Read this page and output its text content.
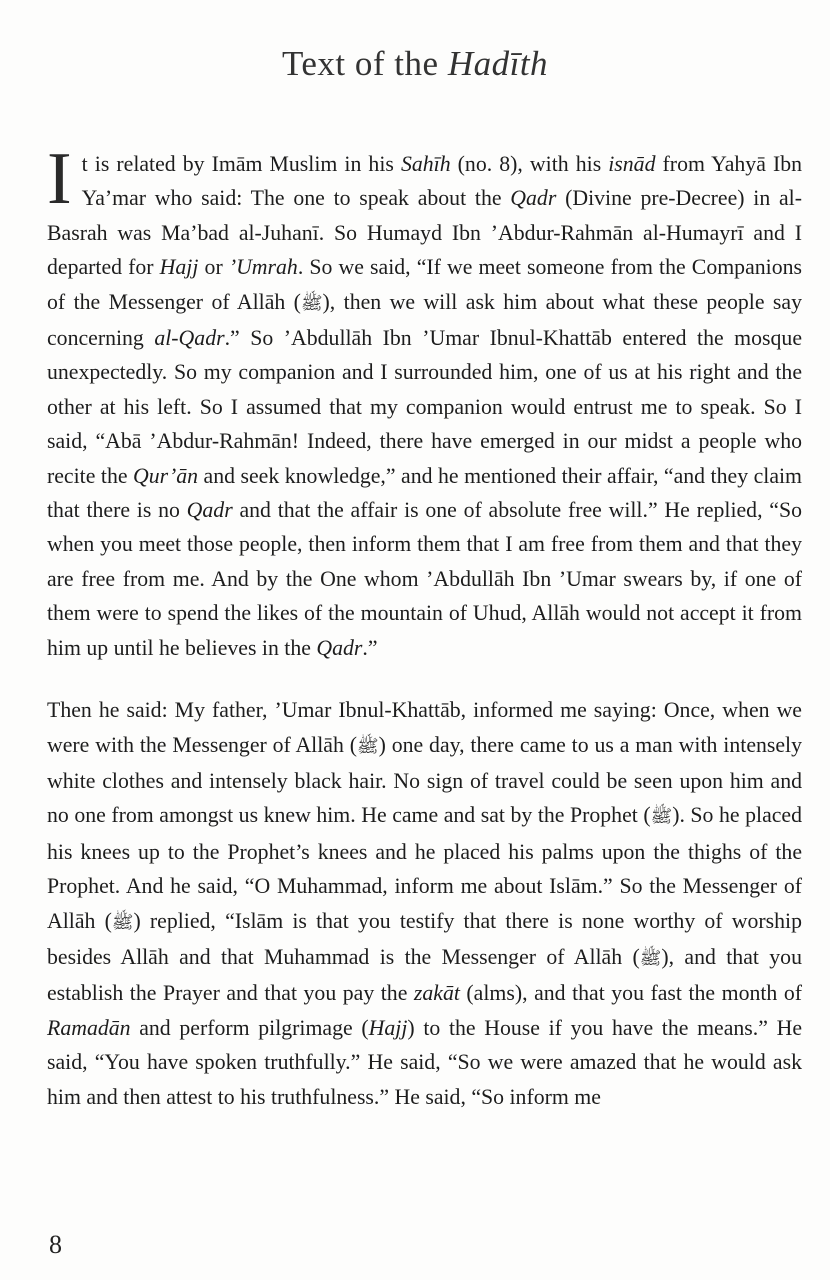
Text of the Hadīth

It is related by Imām Muslim in his Sahīh (no. 8), with his isnād from Yahyā Ibn Ya’mar who said: The one to speak about the Qadr (Divine pre-Decree) in al-Basrah was Ma’bad al-Juhanī. So Humayd Ibn ’Abdur-Rahmān al-Humayrī and I departed for Hajj or ’Umrah. So we said, “If we meet someone from the Companions of the Messenger of Allāh (ﷺ), then we will ask him about what these people say concerning al-Qadr.” So ’Abdullāh Ibn ’Umar Ibnul-Khattāb entered the mosque unexpectedly. So my companion and I surrounded him, one of us at his right and the other at his left. So I assumed that my companion would entrust me to speak. So I said, “Abā ’Abdur-Rahmān! Indeed, there have emerged in our midst a people who recite the Qur’ān and seek knowledge,” and he mentioned their affair, “and they claim that there is no Qadr and that the affair is one of absolute free will.” He replied, “So when you meet those people, then inform them that I am free from them and that they are free from me. And by the One whom ’Abdullāh Ibn ’Umar swears by, if one of them were to spend the likes of the mountain of Uhud, Allāh would not accept it from him up until he believes in the Qadr.”

Then he said: My father, ’Umar Ibnul-Khattāb, informed me saying: Once, when we were with the Messenger of Allāh (ﷺ) one day, there came to us a man with intensely white clothes and intensely black hair. No sign of travel could be seen upon him and no one from amongst us knew him. He came and sat by the Prophet (ﷺ). So he placed his knees up to the Prophet’s knees and he placed his palms upon the thighs of the Prophet. And he said, “O Muhammad, inform me about Islām.” So the Messenger of Allāh (ﷺ) replied, “Islām is that you testify that there is none worthy of worship besides Allāh and that Muhammad is the Messenger of Allāh (ﷺ), and that you establish the Prayer and that you pay the zakāt (alms), and that you fast the month of Ramadān and perform pilgrimage (Hajj) to the House if you have the means.” He said, “You have spoken truthfully.” He said, “So we were amazed that he would ask him and then attest to his truthfulness.” He said, “So inform me

8
